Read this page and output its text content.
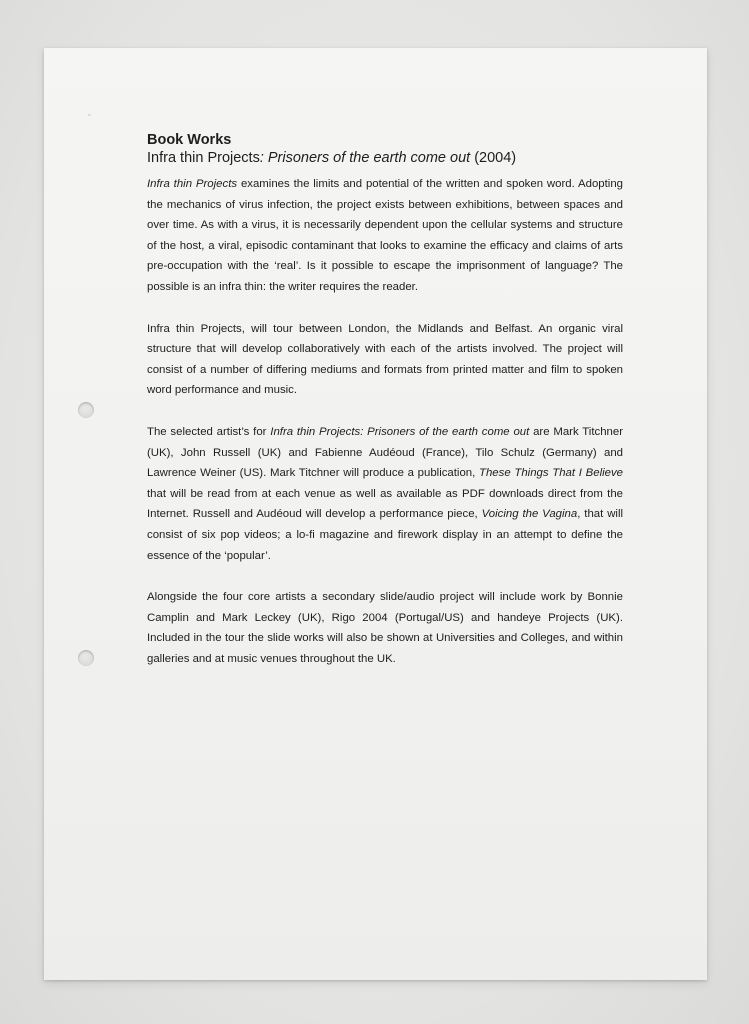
˘
Book Works
Infra thin Projects: Prisoners of the earth come out (2004)

Infra thin Projects examines the limits and potential of the written and spoken word. Adopting the mechanics of virus infection, the project exists between exhibitions, between spaces and over time. As with a virus, it is necessarily dependent upon the cellular systems and structure of the host, a viral, episodic contaminant that looks to examine the efficacy and claims of arts pre-occupation with the ‘real’. Is it possible to escape the imprisonment of language? The possible is an infra thin: the writer requires the reader.

Infra thin Projects, will tour between London, the Midlands and Belfast. An organic viral structure that will develop collaboratively with each of the artists involved. The project will consist of a number of differing mediums and formats from printed matter and film to spoken word performance and music.

The selected artist’s for Infra thin Projects: Prisoners of the earth come out are Mark Titchner (UK), John Russell (UK) and Fabienne Audéoud (France), Tilo Schulz (Germany) and Lawrence Weiner (US). Mark Titchner will produce a publication, These Things That I Believe that will be read from at each venue as well as available as PDF downloads direct from the Internet. Russell and Audéoud will develop a performance piece, Voicing the Vagina, that will consist of six pop videos; a lo-fi magazine and firework display in an attempt to define the essence of the ‘popular’.

Alongside the four core artists a secondary slide/audio project will include work by Bonnie Camplin and Mark Leckey (UK), Rigo 2004 (Portugal/US) and handeye Projects (UK). Included in the tour the slide works will also be shown at Universities and Colleges, and within galleries and at music venues throughout the UK.
